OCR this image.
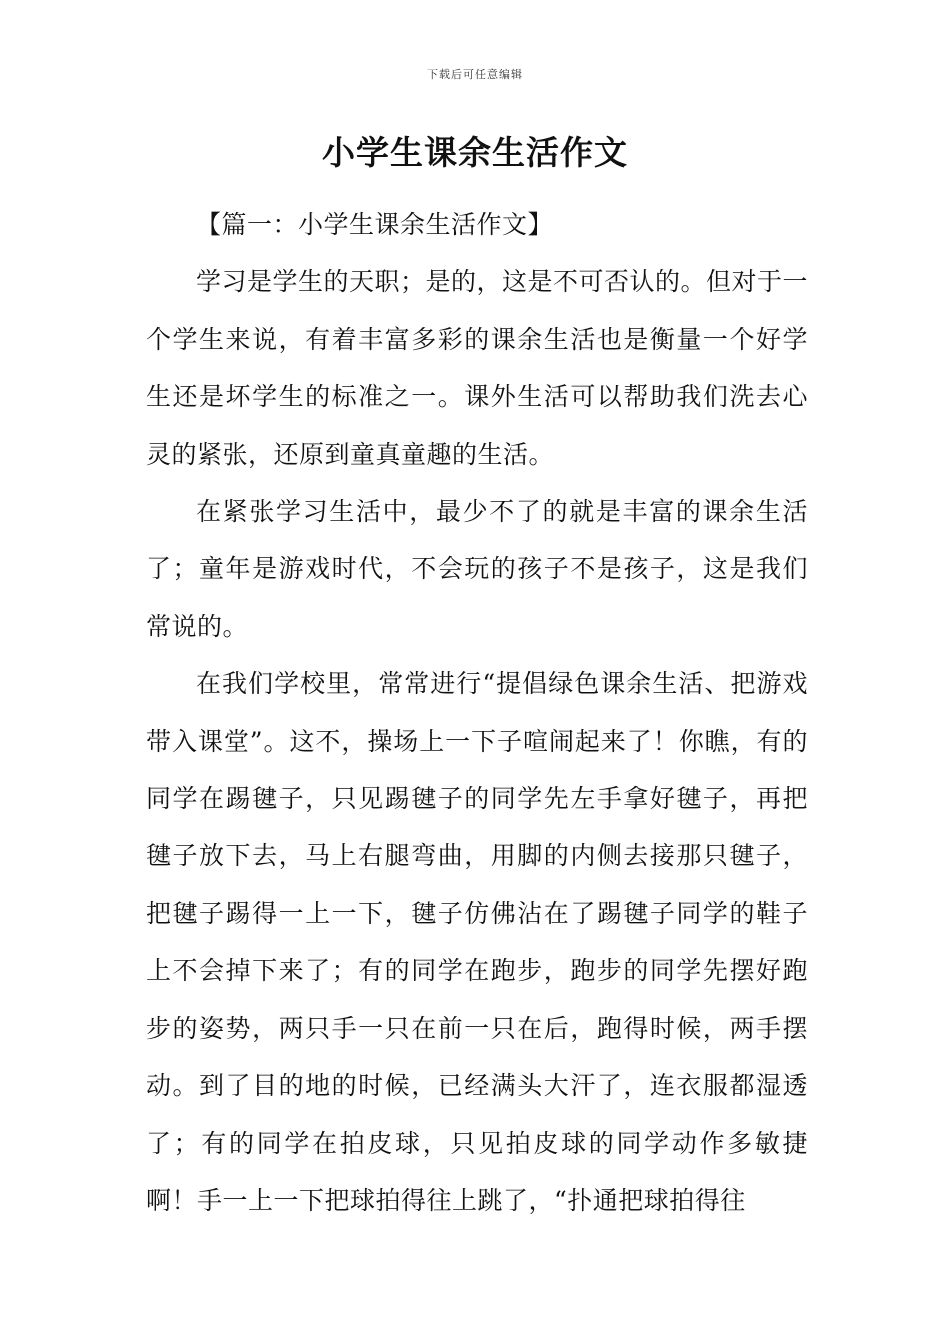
下载后可任意编辑
小学生课余生活作文

【篇一：小学生课余生活作文】

学习是学生的天职；是的，这是不可否认的。但对于一个学生来说，有着丰富多彩的课余生活也是衡量一个好学生还是坏学生的标准之一。课外生活可以帮助我们洗去心灵的紧张，还原到童真童趣的生活。

在紧张学习生活中，最少不了的就是丰富的课余生活了；童年是游戏时代，不会玩的孩子不是孩子，这是我们常说的。

在我们学校里，常常进行“提倡绿色课余生活、把游戏带入课堂”。这不，操场上一下子喧闹起来了！你瞧，有的同学在踢毽子，只见踢毽子的同学先左手拿好毽子，再把毽子放下去，马上右腿弯曲，用脚的内侧去接那只毽子，把毽子踢得一上一下，毽子仿佛沾在了踢毽子同学的鞋子上不会掉下来了；有的同学在跑步，跑步的同学先摆好跑步的姿势，两只手一只在前一只在后，跑得时候，两手摆动。到了目的地的时候，已经满头大汗了，连衣服都湿透了；有的同学在拍皮球，只见拍皮球的同学动作多敏捷啊！手一上一下把球拍得往上跳了，“扑通把球拍得往
